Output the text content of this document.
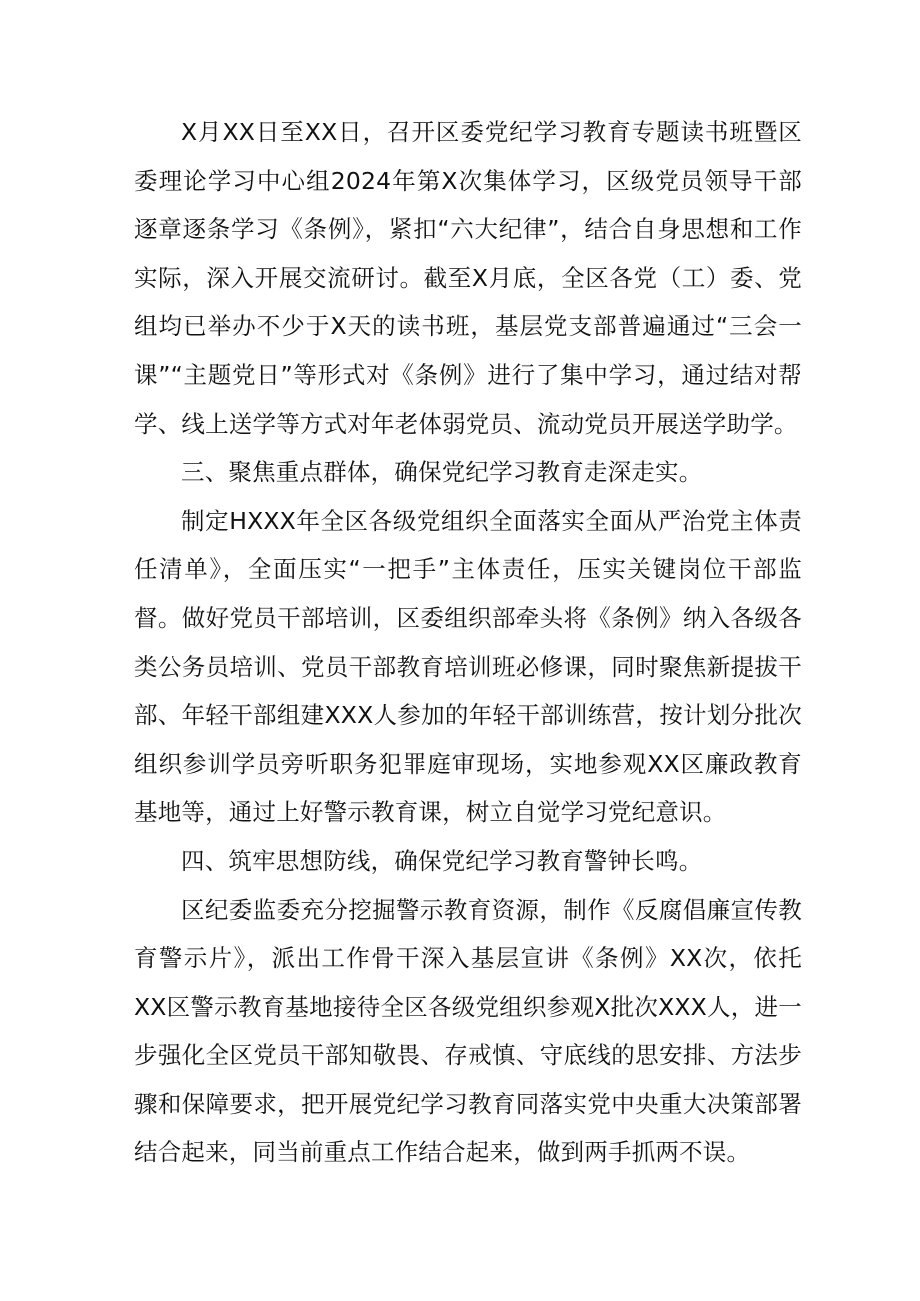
X月XX日至XX日，召开区委党纪学习教育专题读书班暨区委理论学习中心组2024年第X次集体学习，区级党员领导干部逐章逐条学习《条例》，紧扣“六大纪律”，结合自身思想和工作实际，深入开展交流研讨。截至X月底，全区各党（工）委、党组均已举办不少于X天的读书班，基层党支部普遍通过“三会一课”“主题党日”等形式对《条例》进行了集中学习，通过结对帮学、线上送学等方式对年老体弱党员、流动党员开展送学助学。

三、聚焦重点群体，确保党纪学习教育走深走实。

制定HXXX年全区各级党组织全面落实全面从严治党主体责任清单》，全面压实“一把手”主体责任，压实关键岗位干部监督。做好党员干部培训，区委组织部牵头将《条例》纳入各级各类公务员培训、党员干部教育培训班必修课，同时聚焦新提拔干部、年轻干部组建XXX人参加的年轻干部训练营，按计划分批次组织参训学员旁听职务犯罪庭审现场，实地参观XX区廉政教育基地等，通过上好警示教育课，树立自觉学习党纪意识。

四、筑牢思想防线，确保党纪学习教育警钟长鸣。

区纪委监委充分挖掘警示教育资源，制作《反腐倡廉宣传教育警示片》，派出工作骨干深入基层宣讲《条例》XX次，依托XX区警示教育基地接待全区各级党组织参观X批次XXX人，进一步强化全区党员干部知敬畏、存戒慎、守底线的思安排、方法步骤和保障要求，把开展党纪学习教育同落实党中央重大决策部署结合起来，同当前重点工作结合起来，做到两手抓两不误。
